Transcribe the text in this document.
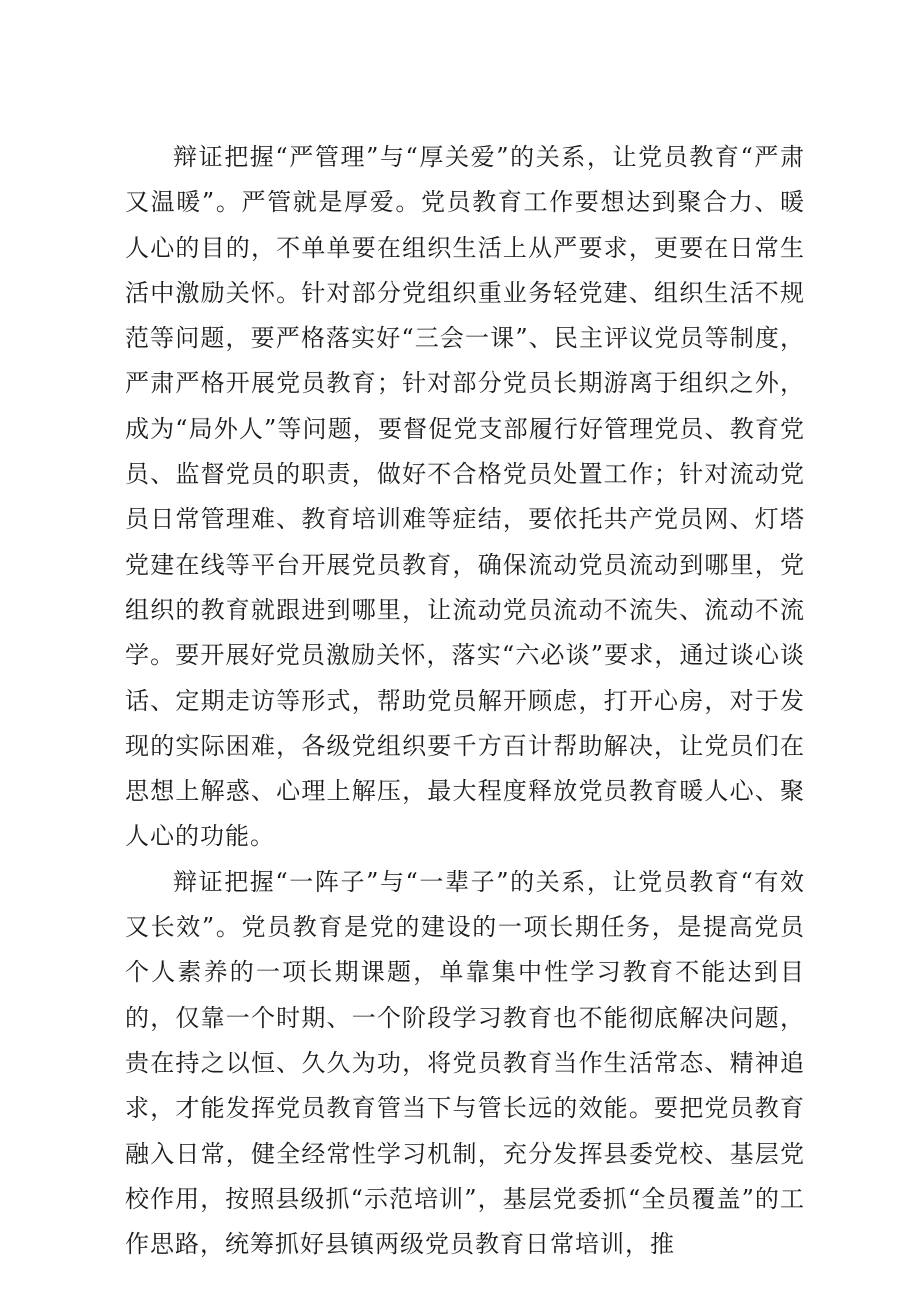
辩证把握“严管理”与“厚关爱”的关系，让党员教育“严肃又温暖”。严管就是厚爱。党员教育工作要想达到聚合力、暖人心的目的，不单单要在组织生活上从严要求，更要在日常生活中激励关怀。针对部分党组织重业务轻党建、组织生活不规范等问题，要严格落实好“三会一课”、民主评议党员等制度，严肃严格开展党员教育；针对部分党员长期游离于组织之外，成为“局外人”等问题，要督促党支部履行好管理党员、教育党员、监督党员的职责，做好不合格党员处置工作；针对流动党员日常管理难、教育培训难等症结，要依托共产党员网、灯塔党建在线等平台开展党员教育，确保流动党员流动到哪里，党组织的教育就跟进到哪里，让流动党员流动不流失、流动不流学。要开展好党员激励关怀，落实“六必谈”要求，通过谈心谈话、定期走访等形式，帮助党员解开顾虑，打开心房，对于发现的实际困难，各级党组织要千方百计帮助解决，让党员们在思想上解惑、心理上解压，最大程度释放党员教育暖人心、聚人心的功能。

辩证把握“一阵子”与“一辈子”的关系，让党员教育“有效又长效”。党员教育是党的建设的一项长期任务，是提高党员个人素养的一项长期课题，单靠集中性学习教育不能达到目的，仅靠一个时期、一个阶段学习教育也不能彻底解决问题，贵在持之以恒、久久为功，将党员教育当作生活常态、精神追求，才能发挥党员教育管当下与管长远的效能。要把党员教育融入日常，健全经常性学习机制，充分发挥县委党校、基层党校作用，按照县级抓“示范培训”，基层党委抓“全员覆盖”的工作思路，统筹抓好县镇两级党员教育日常培训，推
